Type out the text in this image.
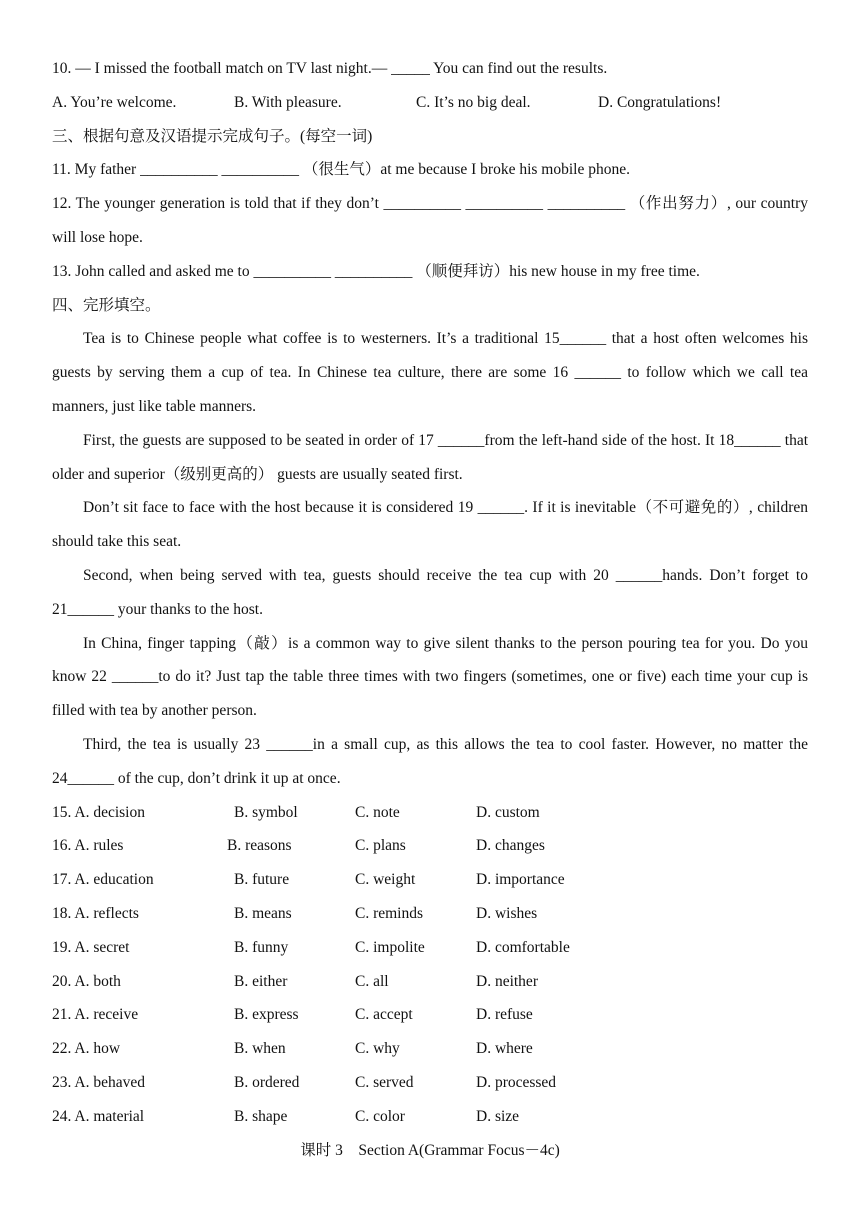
10. — I missed the football match on TV last night.— _____ You can find out the results.
A. You’re welcome.	B. With pleasure.	C. It’s no big deal.	D. Congratulations!
三、根据句意及汉语提示完成句子。(每空一词)
11. My father __________ __________ （很生气）at me because I broke his mobile phone.
12. The younger generation is told that if they don’t __________ __________ __________ （作出努力）, our country will lose hope.
13. John called and asked me to __________ __________ （顺便拜访）his new house in my free time.
四、完形填空。
Tea is to Chinese people what coffee is to westerners. It’s a traditional 15______ that a host often welcomes his guests by serving them a cup of tea. In Chinese tea culture, there are some 16 ______ to follow which we call tea manners, just like table manners.
First, the guests are supposed to be seated in order of 17 ______from the left-hand side of the host. It 18______ that older and superior（级别更高的） guests are usually seated first.
Don’t sit face to face with the host because it is considered 19 ______. If it is inevitable（不可避免的）, children should take this seat.
Second, when being served with tea, guests should receive the tea cup with 20 ______hands. Don’t forget to 21______ your thanks to the host.
In China, finger tapping（敲）is a common way to give silent thanks to the person pouring tea for you. Do you know 22 ______to do it? Just tap the table three times with two fingers (sometimes, one or five) each time your cup is filled with tea by another person.
Third, the tea is usually 23 ______in a small cup, as this allows the tea to cool faster. However, no matter the 24______ of the cup, don’t drink it up at once.
15. A. decision	B. symbol	C. note	D. custom
16. A. rules	B. reasons	C. plans	D. changes
17. A. education	B. future	C. weight	D. importance
18. A. reflects	B. means	C. reminds	D. wishes
19. A. secret	B. funny	C. impolite	D. comfortable
20. A. both	B. either	C. all	D. neither
21. A. receive	B. express	C. accept	D. refuse
22. A. how	B. when	C. why	D. where
23. A. behaved	B. ordered	C. served	D. processed
24. A. material	B. shape	C. color	D. size
课时 3　Section A(Grammar Focus－4c)
